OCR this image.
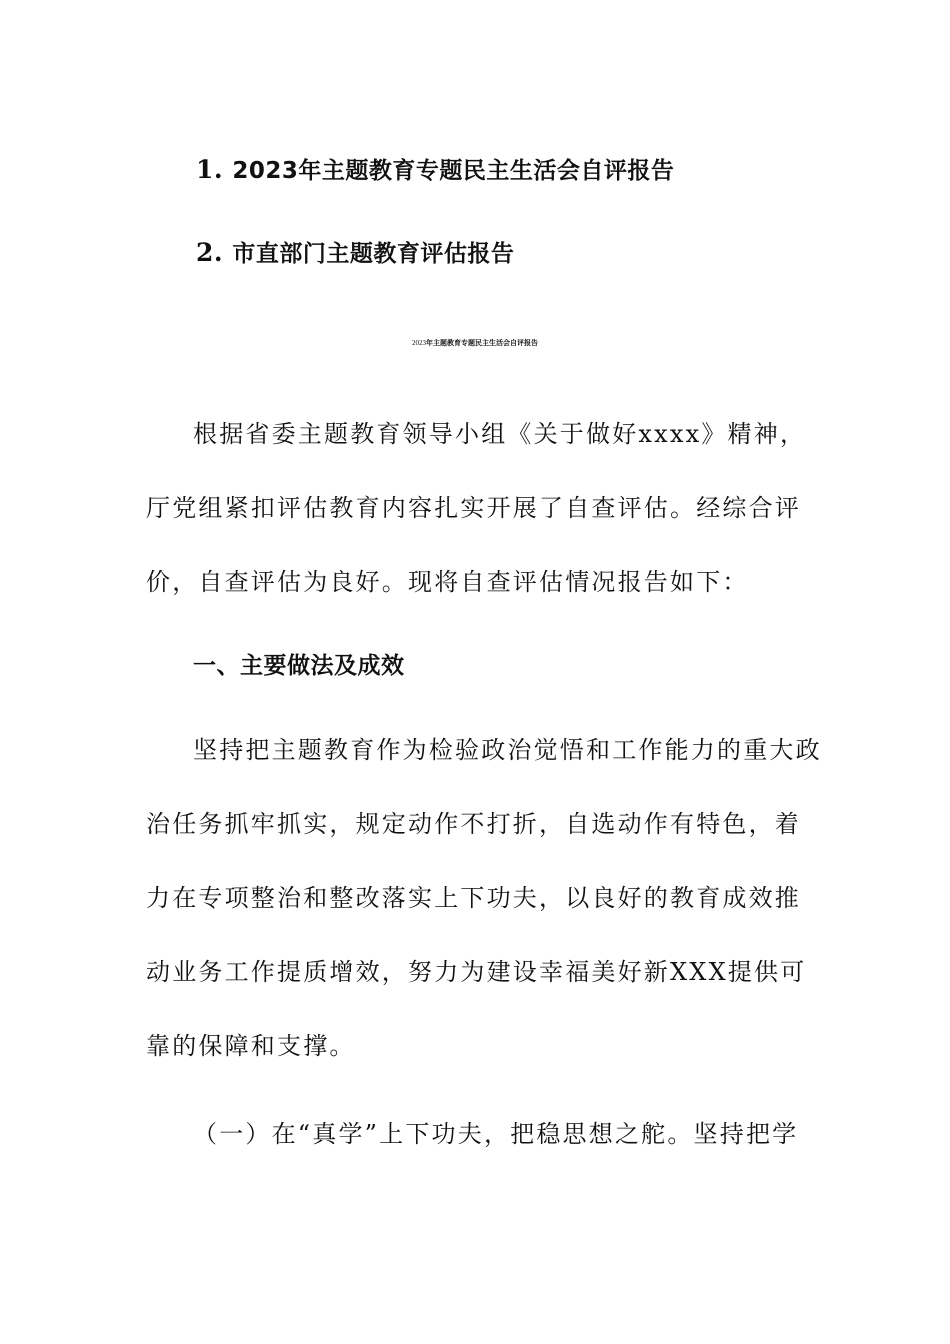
1. 2023年主题教育专题民主生活会自评报告
2. 市直部门主题教育评估报告
2023年主题教育专题民主生活会自评报告
根据省委主题教育领导小组《关于做好xxxx》精神，
厅党组紧扣评估教育内容扎实开展了自查评估。经综合评
价，自查评估为良好。现将自查评估情况报告如下：
一、主要做法及成效
坚持把主题教育作为检验政治觉悟和工作能力的重大政
治任务抓牢抓实，规定动作不打折，自选动作有特色，着
力在专项整治和整改落实上下功夫，以良好的教育成效推
动业务工作提质增效，努力为建设幸福美好新XXX提供可
靠的保障和支撑。
（一）在“真学”上下功夫，把稳思想之舵。坚持把学
